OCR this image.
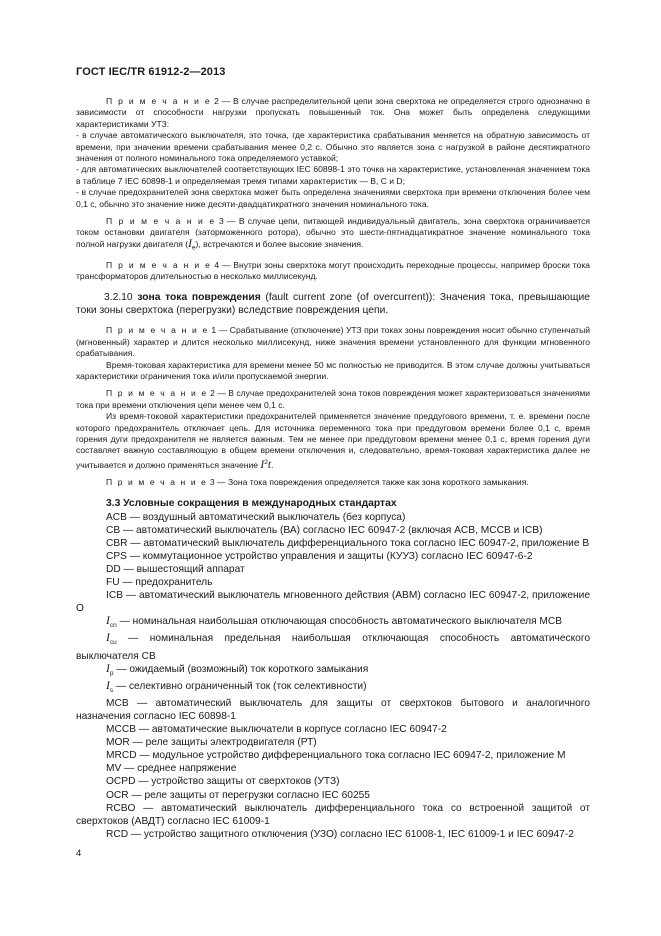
ГОСТ IEC/TR 61912-2—2013

П р и м е ч а н и е 2 — В случае распределительной цепи зона сверхтока не определяется строго однозначно в зависимости от способности нагрузки пропускать повышенный ток. Она может быть определена следующими характеристиками УТЗ:

- в случае автоматического выключателя, это точка, где характеристика срабатывания меняется на обратную зависимость от времени, при значении времени срабатывания менее 0,2 с. Обычно это является зона с нагрузкой в районе десятикратного значения от полного номинального тока определяемого уставкой;

- для автоматических выключателей соответствующих IEC 60898-1 это точка на характеристике, установленная значением тока в таблице 7 IEC 60898-1 и определяемая тремя типами характеристик — В, С и D;

- в случае предохранителей зона сверхтока может быть определена значениями сверхтока при времени отключения более чем 0,1 с, обычно это значение ниже десяти-двадцатикратного значения номинального тока.

П р и м е ч а н и е 3 — В случае цепи, питающей индивидуальный двигатель, зона сверхтока ограничивается током остановки двигателя (заторможенного ротора), обычно это шести-пятнадцатикратное значение номинального тока полной нагрузки двигателя $(I_e)$, встречаются и более высокие значения.

П р и м е ч а н и е 4 — Внутри зоны сверхтока могут происходить переходные процессы, например броски тока трансформаторов длительностью в несколько миллисекунд.

3.2.10 зона тока повреждения (fault current zone (of overcurrent)): Значения тока, превышающие токи зоны сверхтока (перегрузки) вследствие повреждения цепи.

П р и м е ч а н и е 1 — Срабатывание (отключение) УТЗ при токах зоны повреждения носит обычно ступенчатый (мгновенный) характер и длится несколько миллисекунд, ниже значения времени установленного для функции мгновенного срабатывания.

Время-токовая характеристика для времени менее 50 мс полностью не приводится. В этом случае должны учитываться характеристики ограничения тока и/или пропускаемой энергии.

П р и м е ч а н и е 2 — В случае предохранителей зона токов повреждения может характеризоваться значениями тока при времени отключения цепи менее чем 0,1 с.

Из время-токовой характеристики предохранителей применяется значение преддугового времени, т. е. времени после которого предохранитель отключает цепь. Для источника переменного тока при преддуговом времени более 0,1 с, время горения дуги предохранителя не является важным. Тем не менее при преддуговом времени менее 0,1 с, время горения дуги составляет важную составляющую в общем времени отключения и, следовательно, время-токовая характеристика далее не учитывается и должно применяться значение $I^2t$.

П р и м е ч а н и е 3 — Зона тока повреждения определяется также как зона короткого замыкания.

3.3 Условные сокращения в международных стандартах

ACB — воздушный автоматический выключатель (без корпуса)

CB — автоматический выключатель (ВА) согласно IEC 60947-2 (включая ACB, MCCB и ICB)

CBR — автоматический выключатель дифференциального тока согласно IEC 60947-2, приложение В

CPS — коммутационное устройство управления и защиты (КУУЗ) согласно IEC 60947-6-2

DD — вышестоящий аппарат

FU — предохранитель

ICB — автоматический выключатель мгновенного действия (АВМ) согласно IEC 60947-2, приложение О

$I_{cn}$ — номинальная наибольшая отключающая способность автоматического выключателя MCB

$I_{cu}$ — номинальная предельная наибольшая отключающая способность автоматического выключателя CB

$I_p$ — ожидаемый (возможный) ток короткого замыкания

$I_s$ — селективно ограниченный ток (ток селективности)

MCB — автоматический выключатель для защиты от сверхтоков бытового и аналогичного назначения согласно IEC 60898-1

MCCB — автоматические выключатели в корпусе согласно IEC 60947-2

MOR — реле защиты электродвигателя (РТ)

MRCD — модульное устройство дифференциального тока согласно IEC 60947-2, приложение М

MV — среднее напряжение

OCPD — устройство защиты от сверхтоков (УТЗ)

OCR — реле защиты от перегрузки согласно IEC 60255

RCBO — автоматический выключатель дифференциального тока со встроенной защитой от сверхтоков (АВДТ) согласно IEC 61009-1

RCD — устройство защитного отключения (УЗО) согласно IEC 61008-1, IEC 61009-1 и IEC 60947-2

4
